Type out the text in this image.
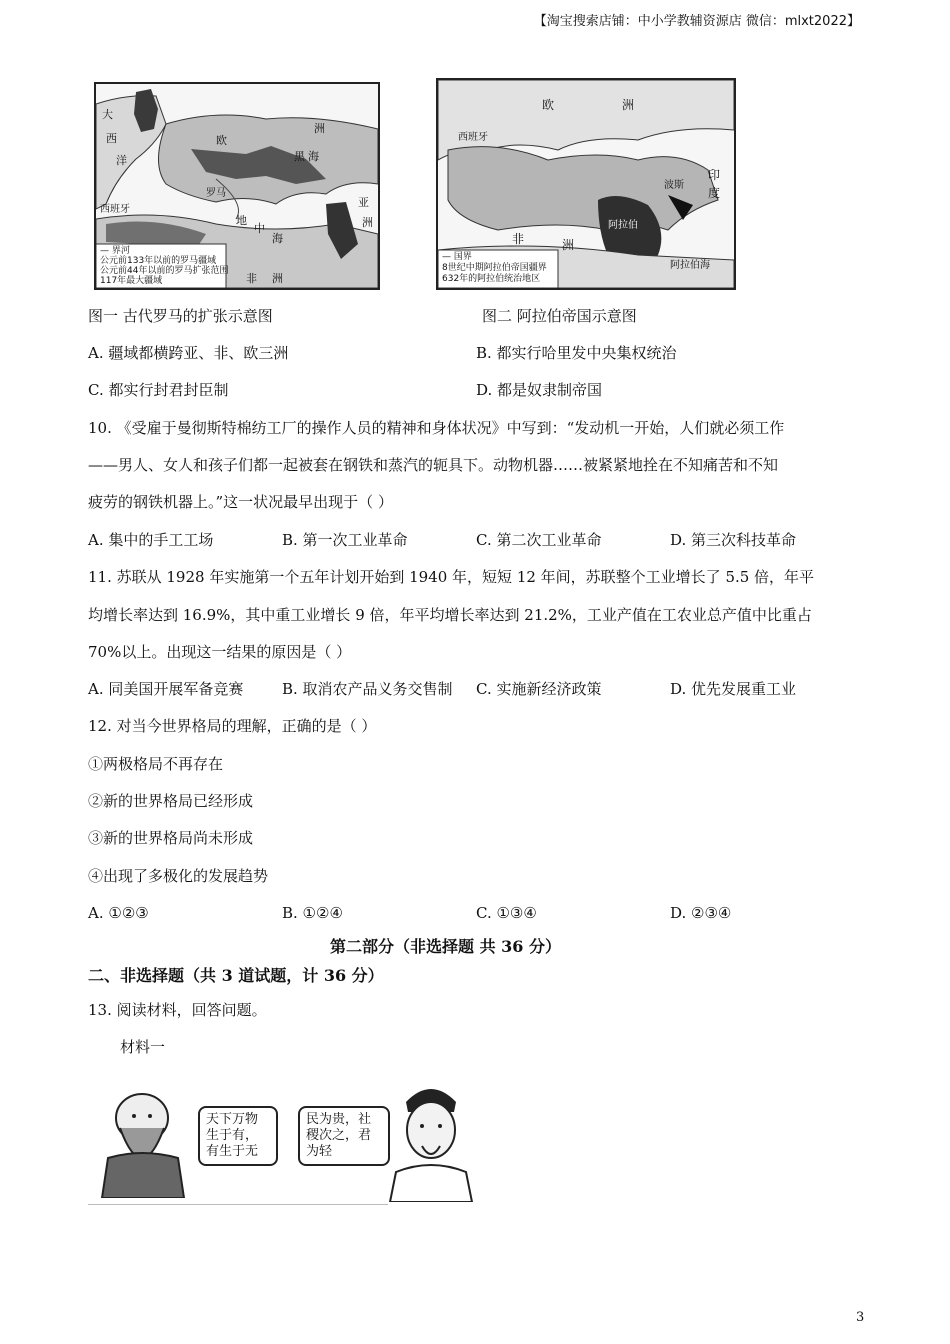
【淘宝搜索店铺：中小学教辅资源店 微信：mlxt2022】
— 界河
公元前133年以前的罗马疆域
公元前44年以前的罗马扩张范围
117年最大疆域
大
西
洋
欧
洲
亚
洲
非 洲
西班牙
罗马
地
中
海
黑 海
— 国界
8世纪中期阿拉伯帝国疆界
632年的阿拉伯统治地区
欧	洲
西班牙
非	洲
阿拉伯
印
度
波斯
阿拉伯海
图一 古代罗马的扩张示意图	图二 阿拉伯帝国示意图
A. 疆域都横跨亚、非、欧三洲	B. 都实行哈里发中央集权统治
C. 都实行封君封臣制	D. 都是奴隶制帝国
10. 《受雇于曼彻斯特棉纺工厂的操作人员的精神和身体状况》中写到：“发动机一开始，人们就必须工作
——男人、女人和孩子们都一起被套在钢铁和蒸汽的轭具下。动物机器……被紧紧地拴在不知痛苦和不知
疲劳的钢铁机器上。”这一状况最早出现于（ ）
A. 集中的手工工场	B. 第一次工业革命	C. 第二次工业革命	D. 第三次科技革命
11. 苏联从 1928 年实施第一个五年计划开始到 1940 年，短短 12 年间，苏联整个工业增长了 5.5 倍，年平
均增长率达到 16.9%，其中重工业增长 9 倍，年平均增长率达到 21.2%，工业产值在工农业总产值中比重占
70%以上。出现这一结果的原因是（ ）
A. 同美国开展军备竞赛	B. 取消农产品义务交售制 C. 实施新经济政策	D. 优先发展重工业
12. 对当今世界格局的理解，正确的是（ ）
①两极格局不再存在
②新的世界格局已经形成
③新的世界格局尚未形成
④出现了多极化的发展趋势
A. ①②③	B. ①②④	C. ①③④	D. ②③④
第二部分（非选择题 共 36 分）
二、非选择题（共 3 道试题，计 36 分）
13. 阅读材料，回答问题。
材料一
天下万物
生于有，
有生于无
民为贵，社
稷次之，君
为轻
3
